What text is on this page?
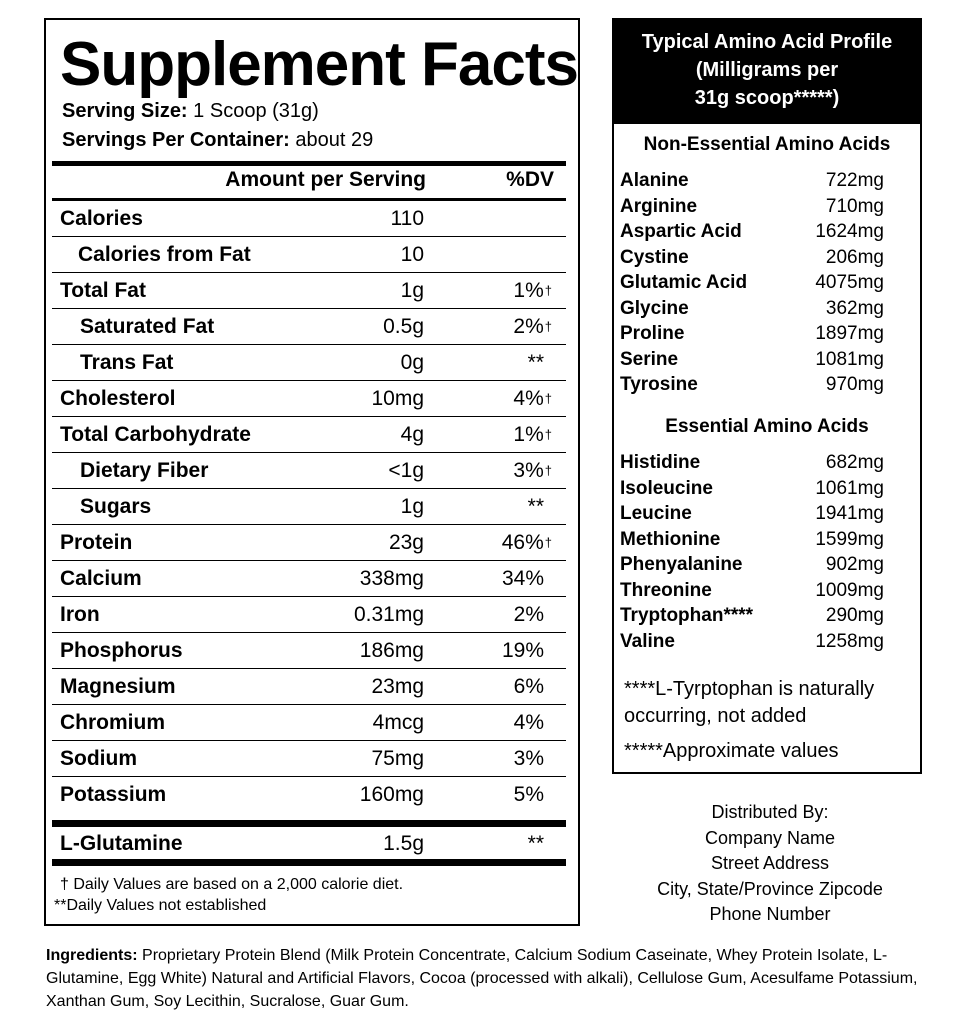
Supplement Facts
Serving Size: 1 Scoop (31g)
Servings Per Container: about 29
Amount per Serving	%DV
Calories	110
Calories from Fat	10
Total Fat	1g	1%†
Saturated Fat	0.5g	2%†
Trans Fat	0g	**
Cholesterol	10mg	4%†
Total Carbohydrate	4g	1%†
Dietary Fiber	<1g	3%†
Sugars	1g	**
Protein	23g	46%†
Calcium	338mg	34%
Iron	0.31mg	2%
Phosphorus	186mg	19%
Magnesium	23mg	6%
Chromium	4mcg	4%
Sodium	75mg	3%
Potassium	160mg	5%
L-Glutamine	1.5g	**
† Daily Values are based on a 2,000 calorie diet.
**Daily Values not established
Typical Amino Acid Profile
(Milligrams per
31g scoop*****)
Non-Essential Amino Acids
Alanine	722mg
Arginine	710mg
Aspartic Acid	1624mg
Cystine	206mg
Glutamic Acid	4075mg
Glycine	362mg
Proline	1897mg
Serine	1081mg
Tyrosine	970mg
Essential Amino Acids
Histidine	682mg
Isoleucine	1061mg
Leucine	1941mg
Methionine	1599mg
Phenyalanine	902mg
Threonine	1009mg
Tryptophan****	290mg
Valine	1258mg
****L-Tyrptophan is naturally occurring, not added
*****Approximate values
Distributed By:
Company Name
Street Address
City, State/Province Zipcode
Phone Number
Ingredients: Proprietary Protein Blend (Milk Protein Concentrate, Calcium Sodium Caseinate, Whey Protein Isolate, L-Glutamine, Egg White) Natural and Artificial Flavors, Cocoa (processed with alkali), Cellulose Gum, Acesulfame Potassium, Xanthan Gum, Soy Lecithin, Sucralose, Guar Gum.
